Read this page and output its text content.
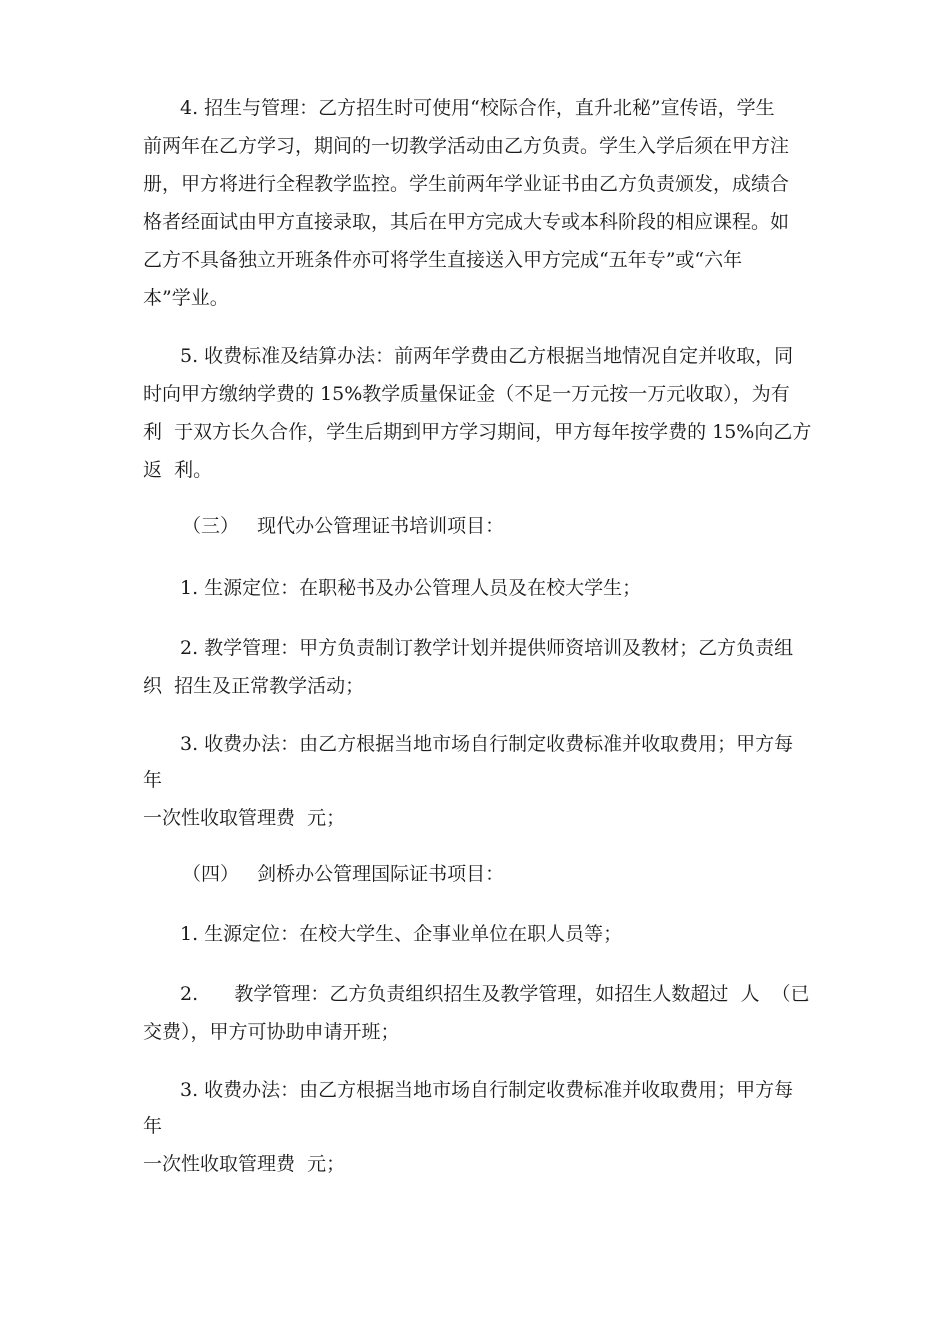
4. 招生与管理：乙方招生时可使用“校际合作，直升北秘”宣传语，学生
前两年在乙方学习，期间的一切教学活动由乙方负责。学生入学后须在甲方注
册，甲方将进行全程教学监控。学生前两年学业证书由乙方负责颁发，成绩合
格者经面试由甲方直接录取，其后在甲方完成大专或本科阶段的相应课程。如
乙方不具备独立开班条件亦可将学生直接送入甲方完成“五年专”或“六年
本”学业。
5. 收费标准及结算办法：前两年学费由乙方根据当地情况自定并收取，同
时向甲方缴纳学费的 15%教学质量保证金（不足一万元按一万元收取），为有
利  于双方长久合作，学生后期到甲方学习期间，甲方每年按学费的 15%向乙方
返  利。
（三）   现代办公管理证书培训项目：
1. 生源定位：在职秘书及办公管理人员及在校大学生；
2. 教学管理：甲方负责制订教学计划并提供师资培训及教材；乙方负责组
织  招生及正常教学活动；
3. 收费办法：由乙方根据当地市场自行制定收费标准并收取费用；甲方每
年
一次性收取管理费  元；
（四）   剑桥办公管理国际证书项目：
1. 生源定位：在校大学生、企事业单位在职人员等；
2.      教学管理：乙方负责组织招生及教学管理，如招生人数超过  人  （已
交费），甲方可协助申请开班；
3. 收费办法：由乙方根据当地市场自行制定收费标准并收取费用；甲方每
年
一次性收取管理费  元；
